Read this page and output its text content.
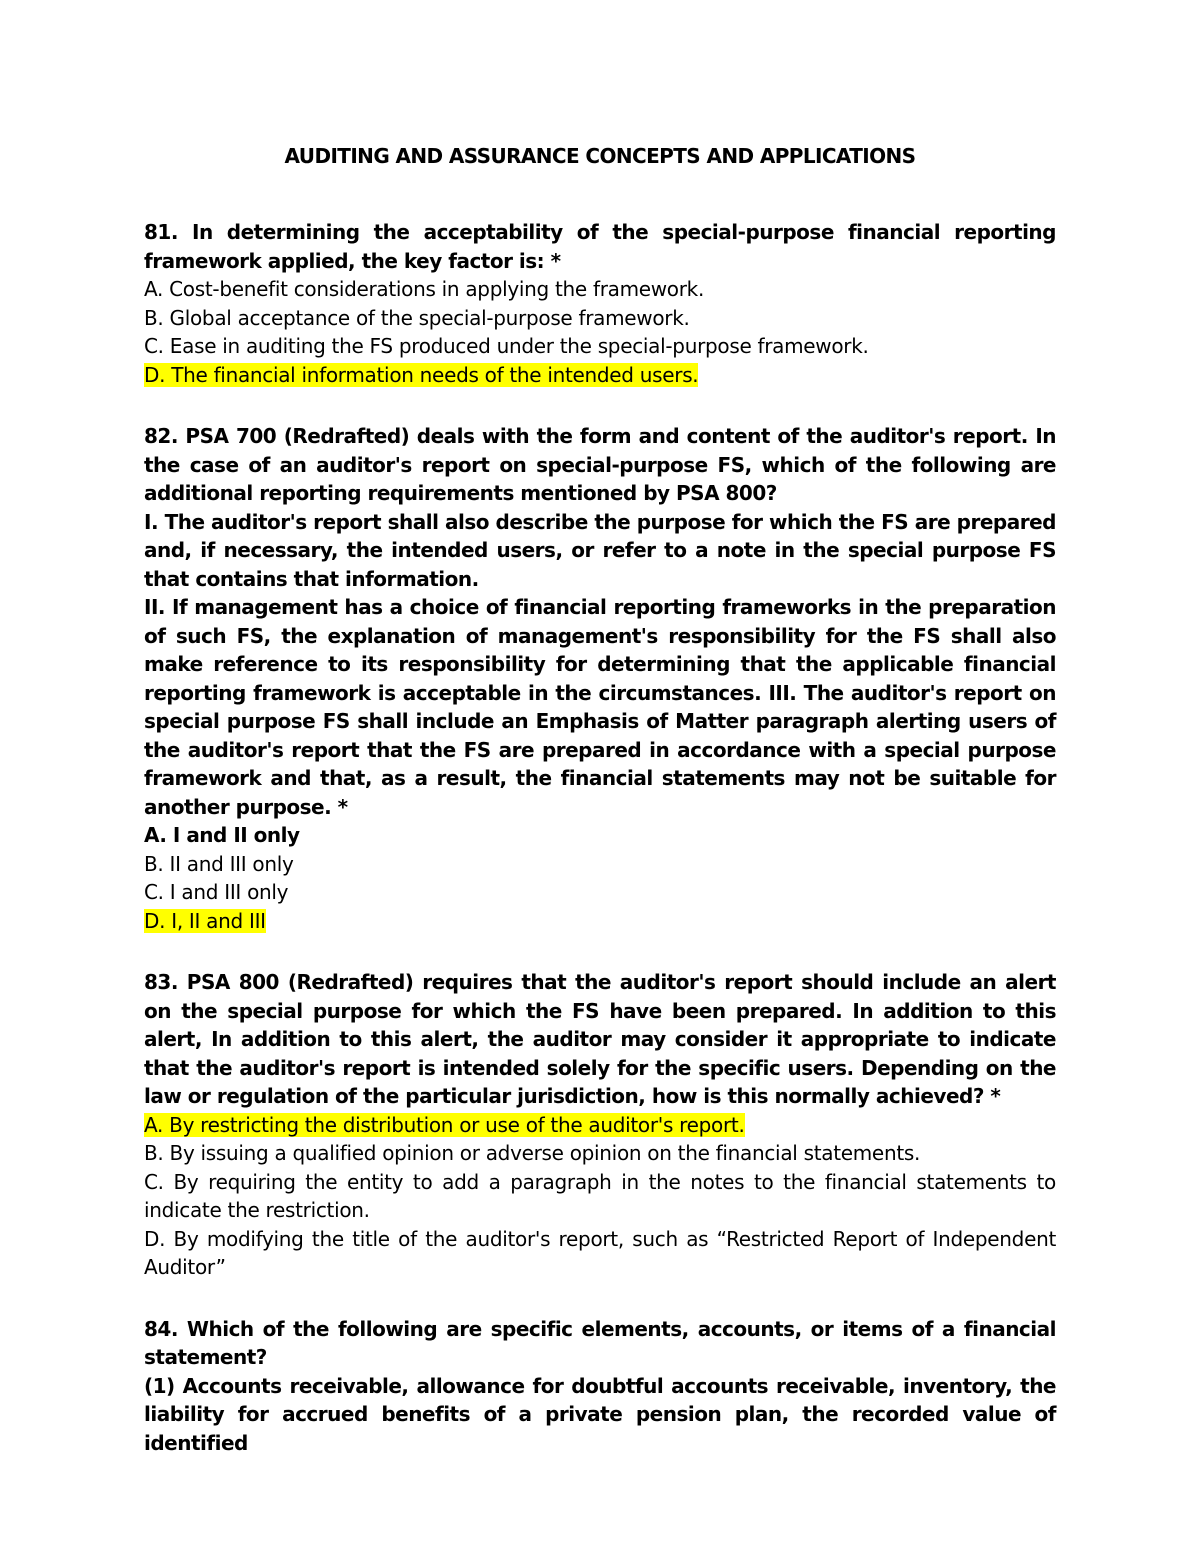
AUDITING AND ASSURANCE CONCEPTS AND APPLICATIONS

81. In determining the acceptability of the special-purpose financial reporting framework applied, the key factor is: *

A. Cost-benefit considerations in applying the framework.

B. Global acceptance of the special-purpose framework.

C. Ease in auditing the FS produced under the special-purpose framework.

D. The financial information needs of the intended users.

82. PSA 700 (Redrafted) deals with the form and content of the auditor's report. In the case of an auditor's report on special-purpose FS, which of the following are additional reporting requirements mentioned by PSA 800?

I. The auditor's report shall also describe the purpose for which the FS are prepared and, if necessary, the intended users, or refer to a note in the special purpose FS that contains that information.

II. If management has a choice of financial reporting frameworks in the preparation of such FS, the explanation of management's responsibility for the FS shall also make reference to its responsibility for determining that the applicable financial reporting framework is acceptable in the circumstances. III. The auditor's report on special purpose FS shall include an Emphasis of Matter paragraph alerting users of the auditor's report that the FS are prepared in accordance with a special purpose framework and that, as a result, the financial statements may not be suitable for another purpose. *

A. I and II only

B. II and III only

C. I and III only

D. I, II and III

83. PSA 800 (Redrafted) requires that the auditor's report should include an alert on the special purpose for which the FS have been prepared. In addition to this alert, In addition to this alert, the auditor may consider it appropriate to indicate that the auditor's report is intended solely for the specific users. Depending on the law or regulation of the particular jurisdiction, how is this normally achieved? *

A. By restricting the distribution or use of the auditor's report.

B. By issuing a qualified opinion or adverse opinion on the financial statements.

C. By requiring the entity to add a paragraph in the notes to the financial statements to indicate the restriction.

D. By modifying the title of the auditor's report, such as “Restricted Report of Independent Auditor”

84. Which of the following are specific elements, accounts, or items of a financial statement?

(1) Accounts receivable, allowance for doubtful accounts receivable, inventory, the liability for accrued benefits of a private pension plan, the recorded value of identified
